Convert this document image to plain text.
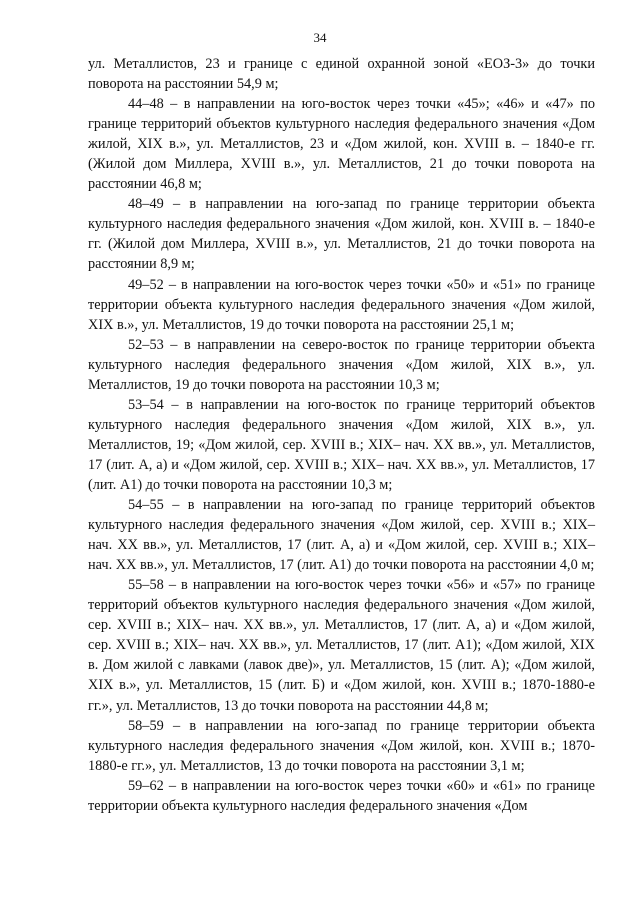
34

ул. Металлистов, 23 и границе с единой охранной зоной «ЕОЗ-3» до точки поворота на расстоянии 54,9 м;

44–48 – в направлении на юго-восток через точки «45»; «46» и «47» по границе территорий объектов культурного наследия федерального значения «Дом жилой, XIX в.», ул. Металлистов, 23 и «Дом жилой, кон. XVIII в. – 1840-е гг. (Жилой дом Миллера, XVIII в.», ул. Металлистов, 21 до точки поворота на расстоянии 46,8 м;

48–49 – в направлении на юго-запад по границе территории объекта культурного наследия федерального значения «Дом жилой, кон. XVIII в. – 1840-е гг. (Жилой дом Миллера, XVIII в.», ул. Металлистов, 21 до точки поворота на расстоянии 8,9 м;

49–52 – в направлении на юго-восток через точки «50» и «51» по границе территории объекта культурного наследия федерального значения «Дом жилой, XIX в.», ул. Металлистов, 19 до точки поворота на расстоянии 25,1 м;

52–53 – в направлении на северо-восток по границе территории объекта культурного наследия федерального значения «Дом жилой, XIX в.», ул. Металлистов, 19 до точки поворота на расстоянии 10,3 м;

53–54 – в направлении на юго-восток по границе территорий объектов культурного наследия федерального значения «Дом жилой, XIX в.», ул. Металлистов, 19; «Дом жилой, сер. XVIII в.; XIX– нач. XX вв.», ул. Металлистов, 17 (лит. А, а) и «Дом жилой, сер. XVIII в.; XIX– нач. XX вв.», ул. Металлистов, 17 (лит. А1) до точки поворота на расстоянии 10,3 м;

54–55 – в направлении на юго-запад по границе территорий объектов культурного наследия федерального значения «Дом жилой, сер. XVIII в.; XIX– нач. XX вв.», ул. Металлистов, 17 (лит. А, а) и «Дом жилой, сер. XVIII в.; XIX– нач. XX вв.», ул. Металлистов, 17 (лит. А1) до точки поворота на расстоянии 4,0 м;

55–58 – в направлении на юго-восток через точки «56» и «57» по границе территорий объектов культурного наследия федерального значения «Дом жилой, сер. XVIII в.; XIX– нач. XX вв.», ул. Металлистов, 17 (лит. А, а) и «Дом жилой, сер. XVIII в.; XIX– нач. XX вв.», ул. Металлистов, 17 (лит. А1); «Дом жилой, XIX в. Дом жилой с лавками (лавок две)», ул. Металлистов, 15 (лит. А); «Дом жилой, XIX в.», ул. Металлистов, 15 (лит. Б) и «Дом жилой, кон. XVIII в.; 1870-1880-е гг.», ул. Металлистов, 13 до точки поворота на расстоянии 44,8 м;

58–59 – в направлении на юго-запад по границе территории объекта культурного наследия федерального значения «Дом жилой, кон. XVIII в.; 1870-1880-е гг.», ул. Металлистов, 13 до точки поворота на расстоянии 3,1 м;

59–62 – в направлении на юго-восток через точки «60» и «61» по границе территории объекта культурного наследия федерального значения «Дом
